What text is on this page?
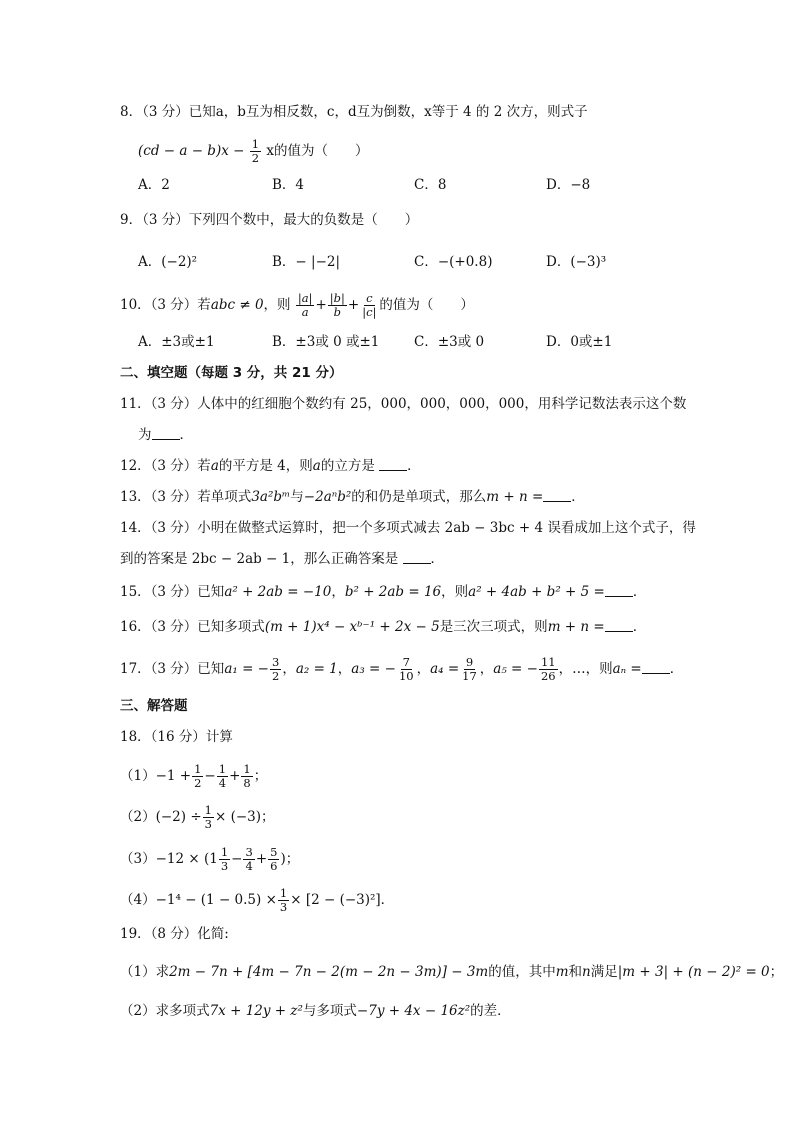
8．（3 分）已知a，b互为相反数，c，d互为倒数，x等于 4 的 2 次方，则式子
$(cd - a - b)x - \frac{1}{2}$ x的值为（　　）
A．2	B．4	C．8	D．−8
9．（3 分）下列四个数中，最大的负数是（　　）
A．(−2)²	B．− |−2|	C．−(+0.8)	D．(−3)³
10．（3 分）若abc ≠ 0，则 $\frac{|a|}{a} + \frac{|b|}{b} + \frac{c}{|c|}$ 的值为（　　）
A．±3或±1	B．±3或 0 或±1	C．±3或 0	D．0或±1
二、填空题（每题 3 分，共 21 分）
11．（3 分）人体中的红细胞个数约有 25，000，000，000，000，用科学记数法表示这个数
为 ．
12．（3 分）若a的平方是 4，则a的立方是 ．
13．（3 分）若单项式3a²bᵐ与−2aⁿb²的和仍是单项式，那么m + n = ．
14．（3 分）小明在做整式运算时，把一个多项式减去 2ab − 3bc + 4 误看成加上这个式子，得
到的答案是 2bc − 2ab − 1，那么正确答案是 ．
15．（3 分）已知a² + 2ab = −10，b² + 2ab = 16，则a² + 4ab + b² + 5 = ．
16．（3 分）已知多项式(m + 1)x⁴ − xᵇ⁻¹ + 2x − 5是三次三项式，则m + n = ．
17．（3 分）已知a₁ = − $\frac{3}{2}$ ，a₂ = 1，a₃ = − $\frac{7}{10}$ ，$a_4 = \frac{9}{17}$ ，a₅ = − $\frac{11}{26}$ ，…，则aₙ = ．
三、解答题
18．（16 分）计算
$(1)-1 + \frac{1}{2} - \frac{1}{4} + \frac{1}{8}$ ；
$(2)(-2) \div \frac{1}{3} \times (-3)$；
$(3)-12 \times (1 \frac{1}{3} - \frac{3}{4} + \frac{5}{6}$ )；
$(4)-1^4 - (1 - 0.5) \times \frac{1}{3} \times [2 - (-3)^2]$．
19．（8 分）化简:
（1）求2m − 7n + [4m − 7n − 2(m − 2n − 3m)] − 3m的值，其中m和n满足|m + 3| + (n − 2)² = 0；
（2）求多项式7x + 12y + z²与多项式−7y + 4x − 16z²的差．
